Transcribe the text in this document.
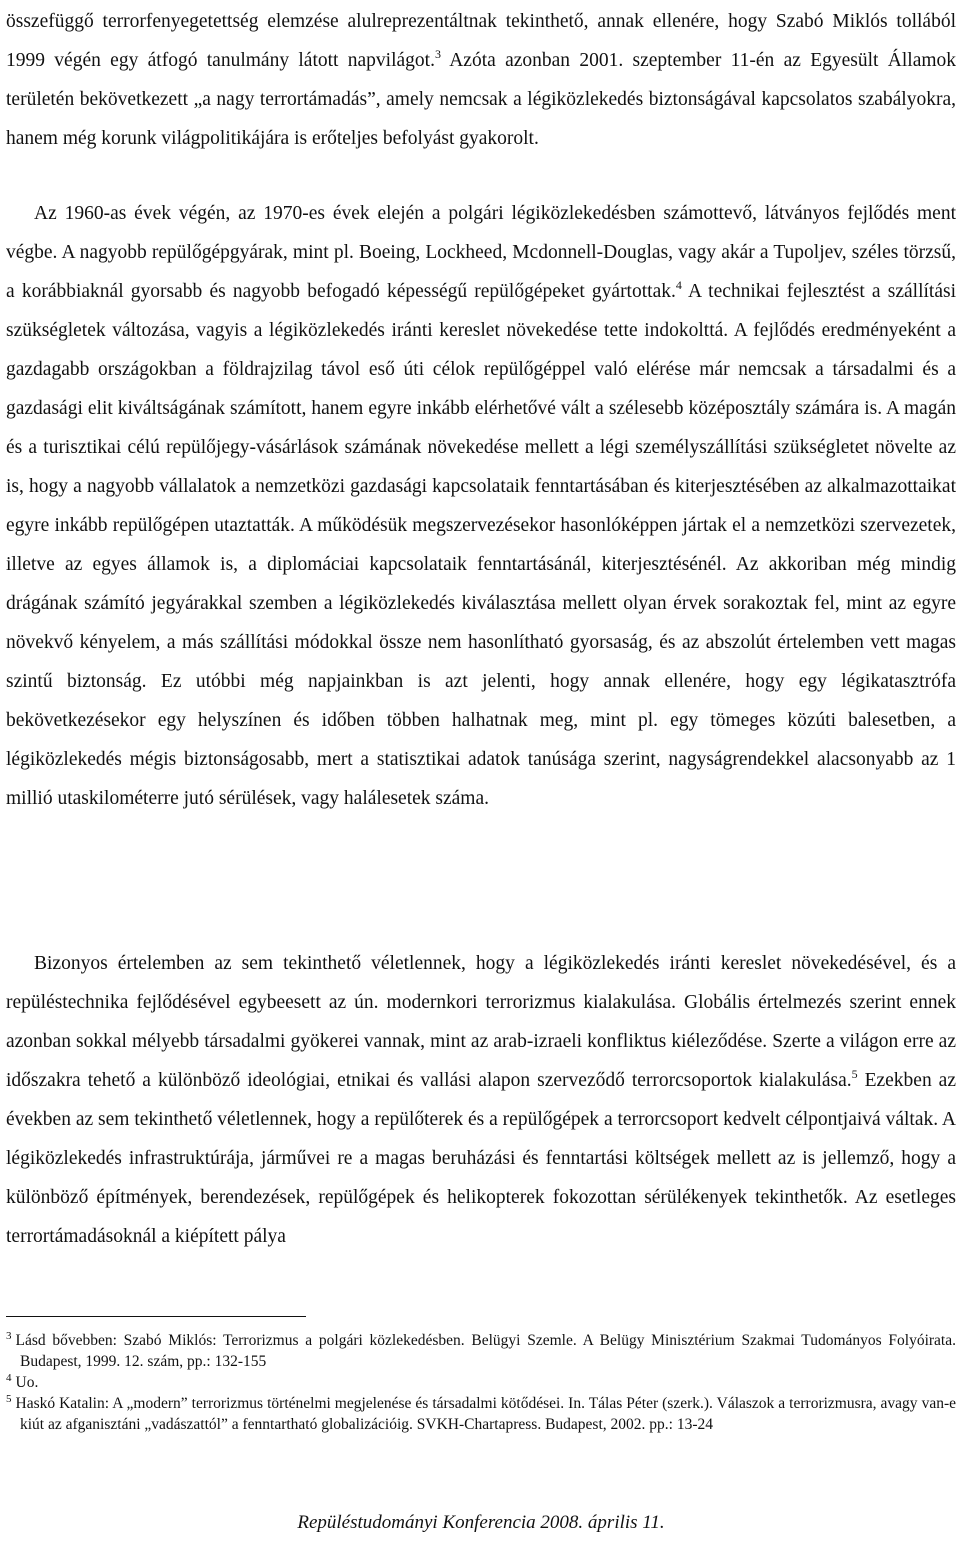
összefüggő terrorfenyegetettség elemzése alulreprezentáltnak tekinthető, annak ellenére, hogy Szabó Miklós tollából 1999 végén egy átfogó tanulmány látott napvilágot.$^3$ Azóta azonban 2001. szeptember 11-én az Egyesült Államok területén bekövetkezett „a nagy terrortámadás”, amely nemcsak a légiközlekedés biztonságával kapcsolatos szabályokra, hanem még korunk világpolitikájára is erőteljes befolyást gyakorolt.

Az 1960-as évek végén, az 1970-es évek elején a polgári légiközlekedésben számottevő, látványos fejlődés ment végbe. A nagyobb repülőgépgyárak, mint pl. Boeing, Lockheed, Mcdonnell-Douglas, vagy akár a Tupoljev, széles törzsű, a korábbiaknál gyorsabb és nagyobb befogadó képességű repülőgépeket gyártottak.$^4$ A technikai fejlesztést a szállítási szükségletek változása, vagyis a légiközlekedés iránti kereslet növekedése tette indokolttá. A fejlődés eredményeként a gazdagabb országokban a földrajzilag távol eső úti célok repülőgéppel való elérése már nemcsak a társadalmi és a gazdasági elit kiváltságának számított, hanem egyre inkább elérhetővé vált a szélesebb középosztály számára is. A magán és a turisztikai célú repülőjegy-vásárlások számának növekedése mellett a légi személyszállítási szükségletet növelte az is, hogy a nagyobb vállalatok a nemzetközi gazdasági kapcsolataik fenntartásában és kiterjesztésében az alkalmazottaikat egyre inkább repülőgépen utaztatták. A működésük megszervezésekor hasonlóképpen jártak el a nemzetközi szervezetek, illetve az egyes államok is, a diplomáciai kapcsolataik fenntartásánál, kiterjesztésénél. Az akkoriban még mindig drágának számító jegyárakkal szemben a légiközlekedés kiválasztása mellett olyan érvek sorakoztak fel, mint az egyre növekvő kényelem, a más szállítási módokkal össze nem hasonlítható gyorsaság, és az abszolút értelemben vett magas szintű biztonság. Ez utóbbi még napjainkban is azt jelenti, hogy annak ellenére, hogy egy légikatasztrófa bekövetkezésekor egy helyszínen és időben többen halhatnak meg, mint pl. egy tömeges közúti balesetben, a légiközlekedés mégis biztonságosabb, mert a statisztikai adatok tanúsága szerint, nagyságrendekkel alacsonyabb az 1 millió utaskilométerre jutó sérülések, vagy halálesetek száma.

Bizonyos értelemben az sem tekinthető véletlennek, hogy a légiközlekedés iránti kereslet növekedésével, és a repüléstechnika fejlődésével egybeesett az ún. modernkori terrorizmus kialakulása. Globális értelmezés szerint ennek azonban sokkal mélyebb társadalmi gyökerei vannak, mint az arab-izraeli konfliktus kiéleződése. Szerte a világon erre az időszakra tehető a különböző ideológiai, etnikai és vallási alapon szerveződő terrorcsoportok kialakulása.$^5$ Ezekben az években az sem tekinthető véletlennek, hogy a repülőterek és a repülőgépek a terrorcsoport kedvelt célpontjaivá váltak. A légiközlekedés infrastruktúrája, járművei re a magas beruházási és fenntartási költségek mellett az is jellemző, hogy a különböző építmények, berendezések, repülőgépek és helikopterek fokozottan sérülékenyek tekinthetők. Az esetleges terrortámadásoknál a kiépített pálya

$^3$ Lásd bővebben: Szabó Miklós: Terrorizmus a polgári közlekedésben. Belügyi Szemle. A Belügy Minisztérium Szakmai Tudományos Folyóirata. Budapest, 1999. 12. szám, pp.: 132-155

$^4$ Uo.

$^5$ Haskó Katalin: A „modern” terrorizmus történelmi megjelenése és társadalmi kötődései. In. Tálas Péter (szerk.). Válaszok a terrorizmusra, avagy van-e kiút az afganisztáni „vadászattól” a fenntartható globalizációig. SVKH-Chartapress. Budapest, 2002. pp.: 13-24

Repüléstudományi Konferencia 2008. április 11.
